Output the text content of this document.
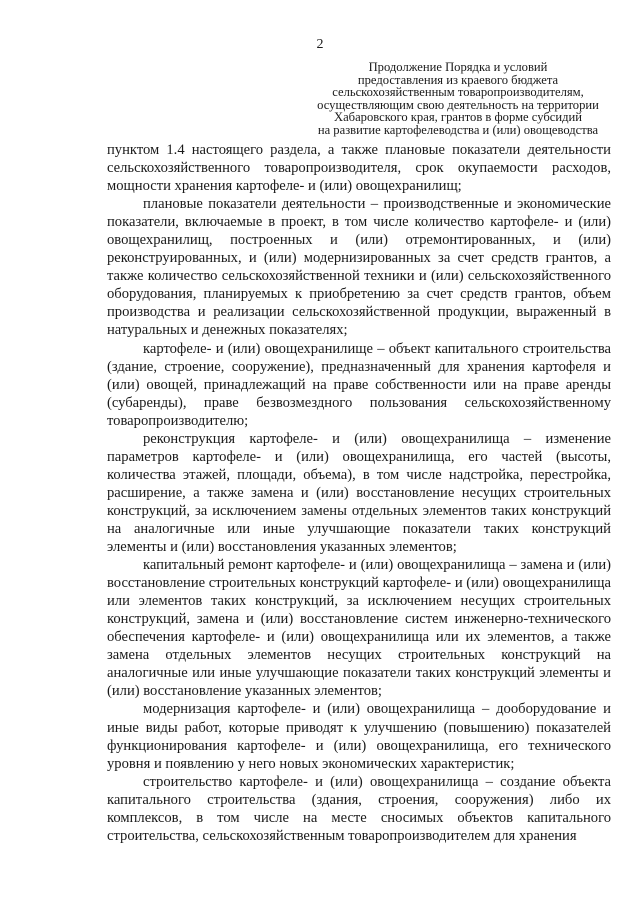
2
Продолжение Порядка и условий
предоставления из краевого бюджета
сельскохозяйственным товаропроизводителям,
осуществляющим свою деятельность на территории
Хабаровского края, грантов в форме субсидий
на развитие картофелеводства и (или) овощеводства

пунктом 1.4 настоящего раздела, а также плановые показатели деятельности сельскохозяйственного товаропроизводителя, срок окупаемости расходов, мощности хранения картофеле- и (или) овощехранилищ;

плановые показатели деятельности – производственные и экономические показатели, включаемые в проект, в том числе количество картофеле- и (или) овощехранилищ, построенных и (или) отремонтированных, и (или) реконструированных, и (или) модернизированных за счет средств грантов, а также количество сельскохозяйственной техники и (или) сельскохозяйственного оборудования, планируемых к приобретению за счет средств грантов, объем производства и реализации сельскохозяйственной продукции, выраженный в натуральных и денежных показателях;

картофеле- и (или) овощехранилище – объект капитального строительства (здание, строение, сооружение), предназначенный для хранения картофеля и (или) овощей, принадлежащий на праве собственности или на праве аренды (субаренды), праве безвозмездного пользования сельскохозяйственному товаропроизводителю;

реконструкция картофеле- и (или) овощехранилища – изменение параметров картофеле- и (или) овощехранилища, его частей (высоты, количества этажей, площади, объема), в том числе надстройка, перестройка, расширение, а также замена и (или) восстановление несущих строительных конструкций, за исключением замены отдельных элементов таких конструкций на аналогичные или иные улучшающие показатели таких конструкций элементы и (или) восстановления указанных элементов;

капитальный ремонт картофеле- и (или) овощехранилища – замена и (или) восстановление строительных конструкций картофеле- и (или) овощехранилища или элементов таких конструкций, за исключением несущих строительных конструкций, замена и (или) восстановление систем инженерно-технического обеспечения картофеле- и (или) овощехранилища или их элементов, а также замена отдельных элементов несущих строительных конструкций на аналогичные или иные улучшающие показатели таких конструкций элементы и (или) восстановление указанных элементов;

модернизация картофеле- и (или) овощехранилища – дооборудование и иные виды работ, которые приводят к улучшению (повышению) показателей функционирования картофеле- и (или) овощехранилища, его технического уровня и появлению у него новых экономических характеристик;

строительство картофеле- и (или) овощехранилища – создание объекта капитального строительства (здания, строения, сооружения) либо их комплексов, в том числе на месте сносимых объектов капитального строительства, сельскохозяйственным товаропроизводителем для хранения
